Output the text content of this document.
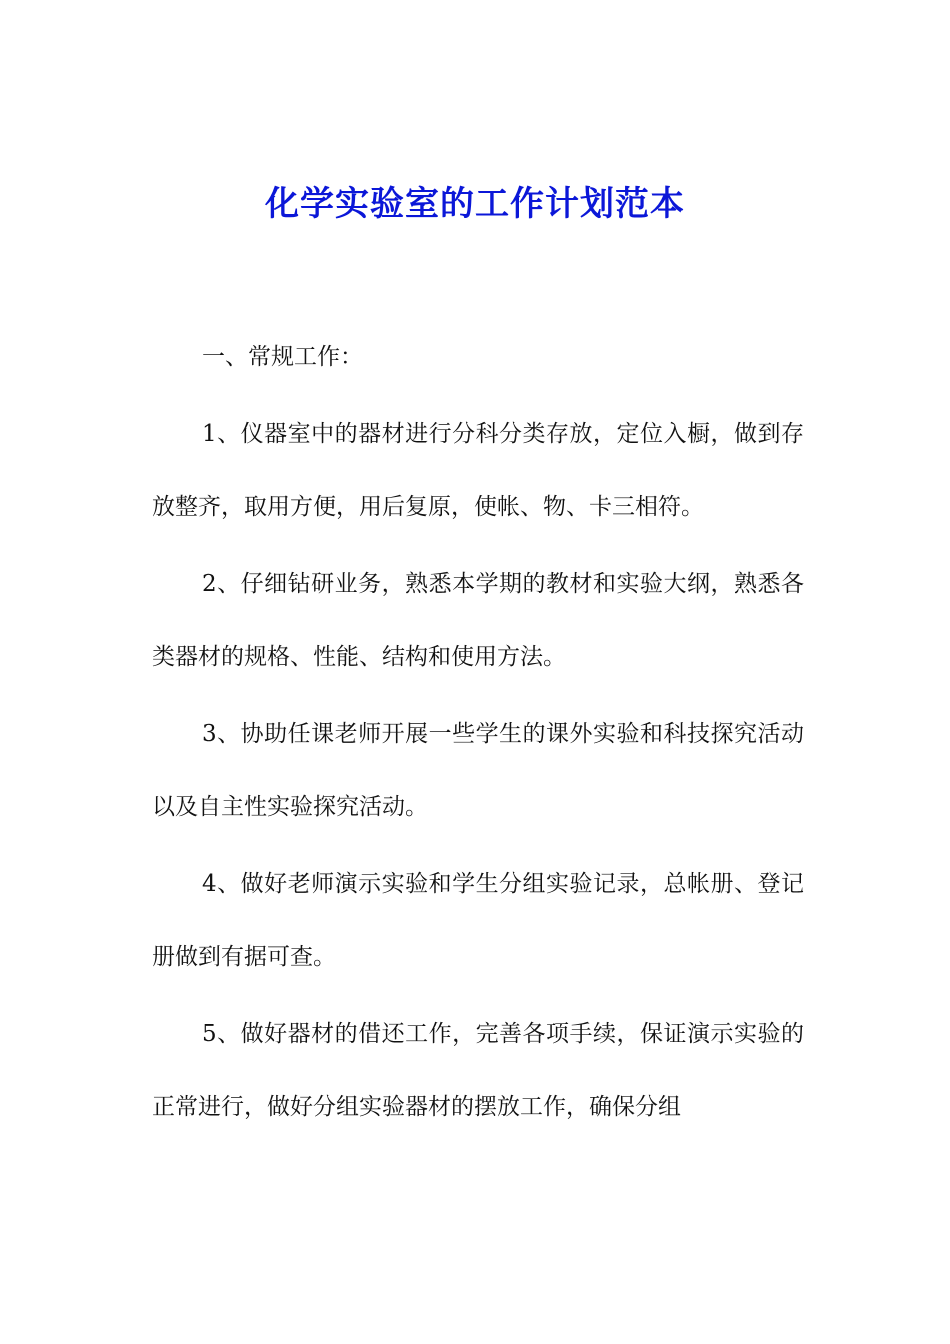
化学实验室的工作计划范本

一、常规工作：

1、仪器室中的器材进行分科分类存放，定位入橱，做到存放整齐，取用方便，用后复原，使帐、物、卡三相符。

2、仔细钻研业务，熟悉本学期的教材和实验大纲，熟悉各类器材的规格、性能、结构和使用方法。

3、协助任课老师开展一些学生的课外实验和科技探究活动以及自主性实验探究活动。

4、做好老师演示实验和学生分组实验记录，总帐册、登记册做到有据可查。

5、做好器材的借还工作，完善各项手续，保证演示实验的正常进行，做好分组实验器材的摆放工作，确保分组
